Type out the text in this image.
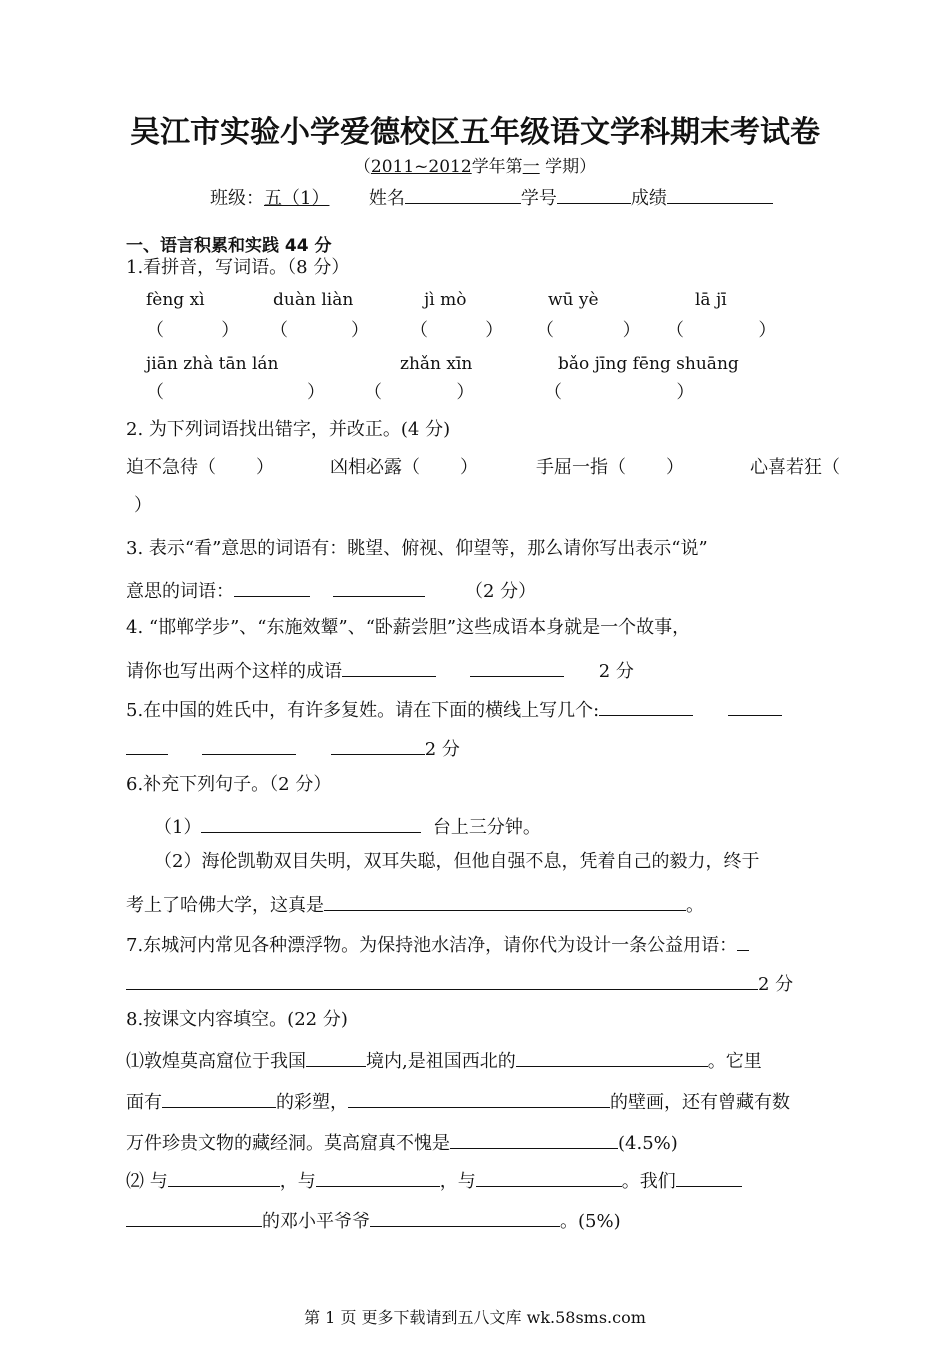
吴江市实验小学爱德校区五年级语文学科期末考试卷
（2011~2012学年第一 学期）
班级：五（1） 姓名	学号	成绩
一、语言积累和实践 44 分
1.看拼音，写词语。（8 分）
fèng xì	duàn liàn	jì mò	wū yè	lā jī
（          ） （           ） （          ） （            ） （             ）
jiān zhà tān lán	zhǎn xīn	bǎo jīng fēng shuāng
（                         ） （             ）	（                    ）
2. 为下列词语找出错字，并改正。(4 分)
迫不急待（       ）	凶相必露（       ）	手屈一指（       ）	心喜若狂（
）
3. 表示“看”意思的词语有：眺望、俯视、仰望等，那么请你写出表示“说”
意思的词语：	（2 分）
4. “邯郸学步”、“东施效颦”、“卧薪尝胆”这些成语本身就是一个故事，
请你也写出两个这样的成语	2 分
5.在中国的姓氏中，有许多复姓。请在下面的横线上写几个:
2 分
6.补充下列句子。（2 分）
（1）	台上三分钟。
（2）海伦凯勒双目失明，双耳失聪，但他自强不息，凭着自己的毅力，终于
考上了哈佛大学，这真是	。
7.东城河内常见各种漂浮物。为保持池水洁净，请你代为设计一条公益用语：
2 分
8.按课文内容填空。(22 分)
⑴敦煌莫高窟位于我国	境内,是祖国西北的	。它里
面有	的彩塑，	的壁画，还有曾藏有数
万件珍贵文物的藏经洞。莫高窟真不愧是	(4.5%)
⑵ 与	，与	，与	。我们
的邓小平爷爷	。(5%)
第 1 页 更多下载请到五八文库 wk.58sms.com
